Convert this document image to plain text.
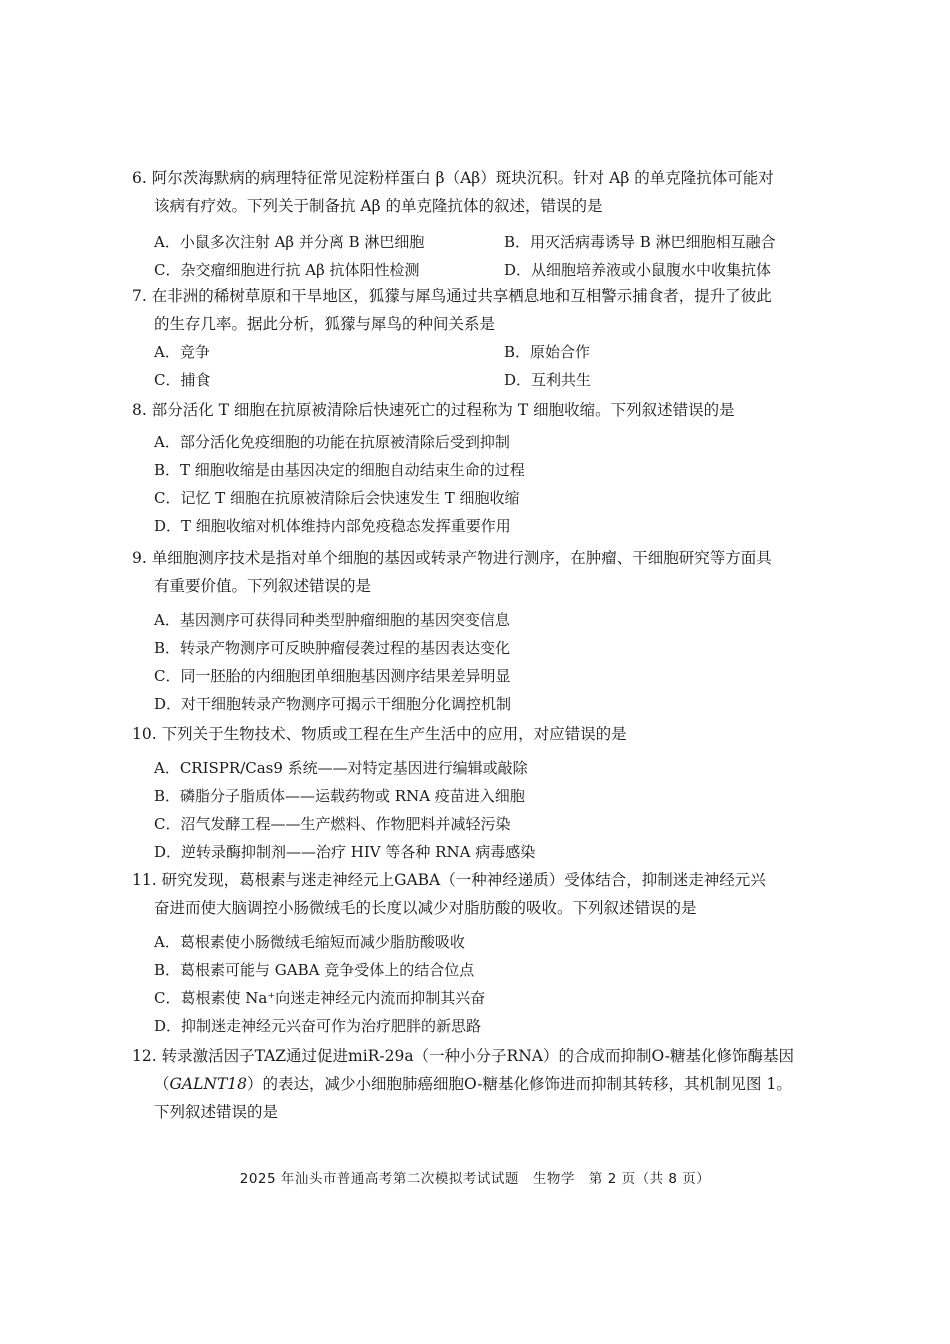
6. 阿尔茨海默病的病理特征常见淀粉样蛋白 β（Aβ）斑块沉积。针对 Aβ 的单克隆抗体可能对
该病有疗效。下列关于制备抗 Aβ 的单克隆抗体的叙述，错误的是
A．小鼠多次注射 Aβ 并分离 B 淋巴细胞	B．用灭活病毒诱导 B 淋巴细胞相互融合
C．杂交瘤细胞进行抗 Aβ 抗体阳性检测	D．从细胞培养液或小鼠腹水中收集抗体
7. 在非洲的稀树草原和干旱地区，狐獴与犀鸟通过共享栖息地和互相警示捕食者，提升了彼此
的生存几率。据此分析，狐獴与犀鸟的种间关系是
A．竞争	B．原始合作
C．捕食	D．互利共生
8. 部分活化 T 细胞在抗原被清除后快速死亡的过程称为 T 细胞收缩。下列叙述错误的是
A．部分活化免疫细胞的功能在抗原被清除后受到抑制
B．T 细胞收缩是由基因决定的细胞自动结束生命的过程
C．记忆 T 细胞在抗原被清除后会快速发生 T 细胞收缩
D．T 细胞收缩对机体维持内部免疫稳态发挥重要作用
9. 单细胞测序技术是指对单个细胞的基因或转录产物进行测序，在肿瘤、干细胞研究等方面具
有重要价值。下列叙述错误的是
A．基因测序可获得同种类型肿瘤细胞的基因突变信息
B．转录产物测序可反映肿瘤侵袭过程的基因表达变化
C．同一胚胎的内细胞团单细胞基因测序结果差异明显
D．对干细胞转录产物测序可揭示干细胞分化调控机制
10. 下列关于生物技术、物质或工程在生产生活中的应用，对应错误的是
A．CRISPR/Cas9 系统——对特定基因进行编辑或敲除
B．磷脂分子脂质体——运载药物或 RNA 疫苗进入细胞
C．沼气发酵工程——生产燃料、作物肥料并减轻污染
D．逆转录酶抑制剂——治疗 HIV 等各种 RNA 病毒感染
11. 研究发现，葛根素与迷走神经元上GABA（一种神经递质）受体结合，抑制迷走神经元兴
奋进而使大脑调控小肠微绒毛的长度以减少对脂肪酸的吸收。下列叙述错误的是
A．葛根素使小肠微绒毛缩短而减少脂肪酸吸收
B．葛根素可能与 GABA 竞争受体上的结合位点
C．葛根素使 Na⁺向迷走神经元内流而抑制其兴奋
D．抑制迷走神经元兴奋可作为治疗肥胖的新思路
12. 转录激活因子TAZ通过促进miR-29a（一种小分子RNA）的合成而抑制O-糖基化修饰酶基因
（GALNT18）的表达，减少小细胞肺癌细胞O-糖基化修饰进而抑制其转移，其机制见图 1。
下列叙述错误的是
2025 年汕头市普通高考第二次模拟考试试题　生物学　第 2 页（共 8 页）
